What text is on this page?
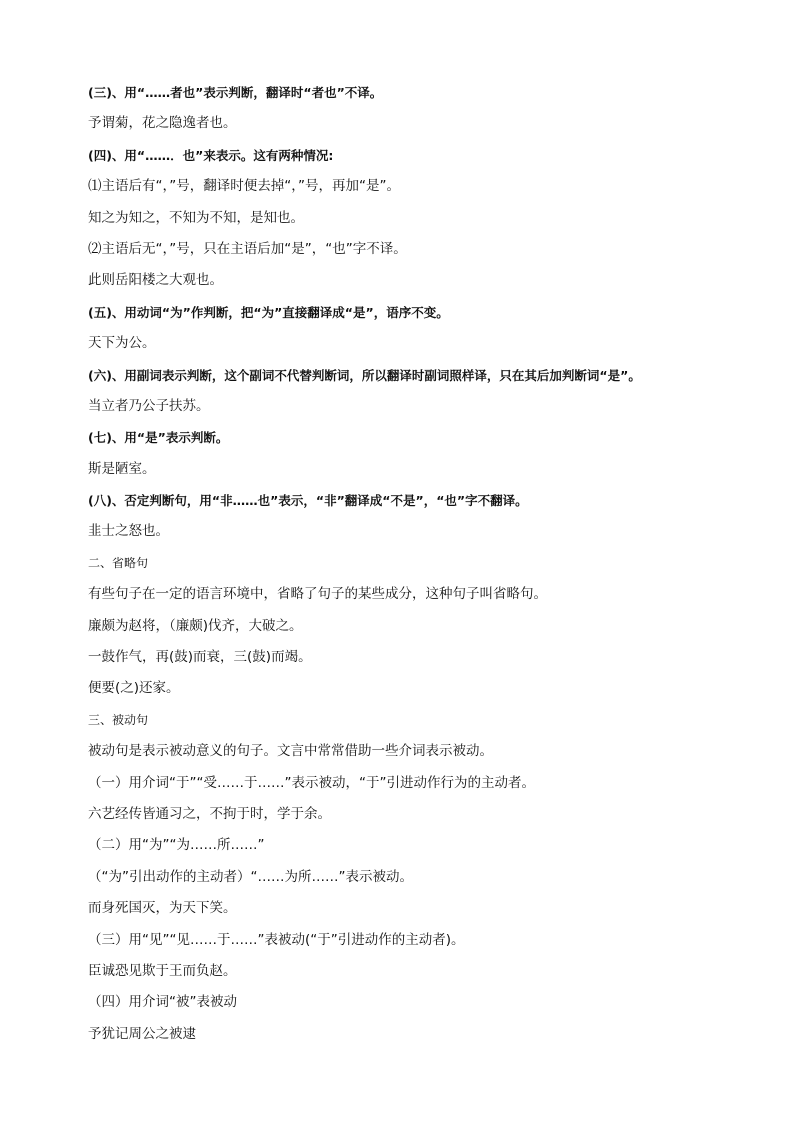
(三)、用“……者也”表示判断，翻译时“者也”不译。
予谓菊，花之隐逸者也。
(四)、用“……．也”来表示。这有两种情况:
⑴主语后有“，”号，翻译时便去掉“，”号，再加“是”。
知之为知之，不知为不知，是知也。
⑵主语后无“，”号，只在主语后加“是”，“也”字不译。
此则岳阳楼之大观也。
(五)、用动词“为”作判断，把“为”直接翻译成“是”，语序不变。
天下为公。
(六)、用副词表示判断，这个副词不代替判断词，所以翻译时副词照样译，只在其后加判断词“是”。
当立者乃公子扶苏。
(七)、用“是”表示判断。
斯是陋室。
(八)、否定判断句，用“非……也”表示，“非”翻译成“不是”，“也”字不翻译。
韭士之怒也。
二、省略句
有些句子在一定的语言环境中，省略了句子的某些成分，这种句子叫省略句。
廉颇为赵将，（廉颇)伐齐，大破之。
一鼓作气，再(鼓)而衰，三(鼓)而竭。
便要(之)还家。
三、被动句
被动句是表示被动意义的句子。文言中常常借助一些介词表示被动。
（一）用介词“于”“受……于……”表示被动，“于”引进动作行为的主动者。
六艺经传皆通习之，不拘于时，学于余。
（二）用“为”“为……所……”
（“为”引出动作的主动者）“……为所……”表示被动。
而身死国灭，为天下笑。
（三）用“见”“见……于……”表被动(“于”引进动作的主动者)。
臣诚恐见欺于王而负赵。
（四）用介词“被”表被动
予犹记周公之被逮
